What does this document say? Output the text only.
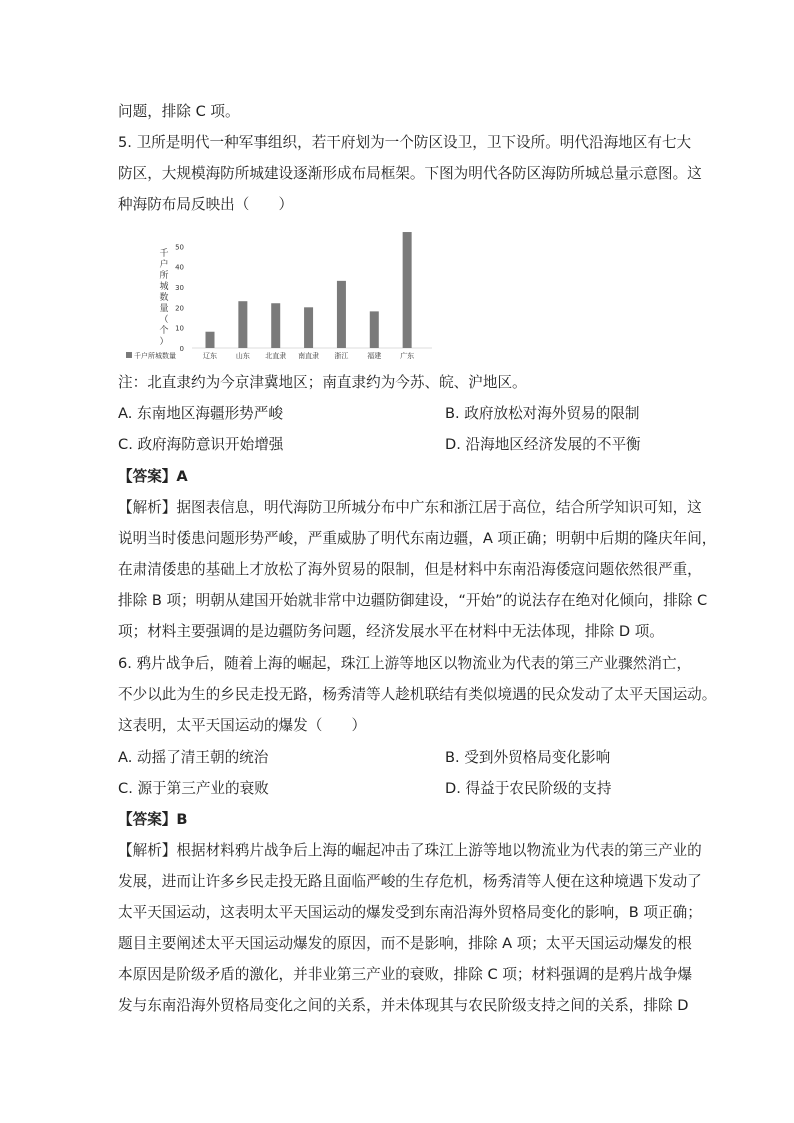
问题，排除 C 项。
5. 卫所是明代一种军事组织，若干府划为一个防区设卫，卫下设所。明代沿海地区有七大
防区，大规模海防所城建设逐渐形成布局框架。下图为明代各防区海防所城总量示意图。这
种海防布局反映出（　　）
注：北直隶约为今京津冀地区；南直隶约为今苏、皖、沪地区。
【答案】A
【解析】据图表信息，明代海防卫所城分布中广东和浙江居于高位，结合所学知识可知，这
说明当时倭患问题形势严峻，严重威胁了明代东南边疆，A 项正确；明朝中后期的隆庆年间，
在肃清倭患的基础上才放松了海外贸易的限制，但是材料中东南沿海倭寇问题依然很严重，
排除 B 项；明朝从建国开始就非常中边疆防御建设，“开始”的说法存在绝对化倾向，排除 C
项；材料主要强调的是边疆防务问题，经济发展水平在材料中无法体现，排除 D 项。
6. 鸦片战争后，随着上海的崛起，珠江上游等地区以物流业为代表的第三产业骤然消亡，
不少以此为生的乡民走投无路，杨秀清等人趁机联结有类似境遇的民众发动了太平天国运动。
这表明，太平天国运动的爆发（　　）
【答案】B
【解析】根据材料鸦片战争后上海的崛起冲击了珠江上游等地以物流业为代表的第三产业的
发展，进而让许多乡民走投无路且面临严峻的生存危机，杨秀清等人便在这种境遇下发动了
太平天国运动，这表明太平天国运动的爆发受到东南沿海外贸格局变化的影响，B 项正确；
题目主要阐述太平天国运动爆发的原因，而不是影响，排除 A 项；太平天国运动爆发的根
本原因是阶级矛盾的激化，并非业第三产业的衰败，排除 C 项；材料强调的是鸦片战争爆
发与东南沿海外贸格局变化之间的关系，并未体现其与农民阶级支持之间的关系，排除 D
A. 东南地区海疆形势严峻	B. 政府放松对海外贸易的限制
C. 政府海防意识开始增强	D. 沿海地区经济发展的不平衡
A. 动摇了清王朝的统治	B. 受到外贸格局变化影响
C. 源于第三产业的衰败	D. 得益于农民阶级的支持
0
10
20
30
40
50
千
户
所
城
数
量
（
个
）
辽东	山东 北直隶 南直隶 浙江	福建	广东
千户所城数量
